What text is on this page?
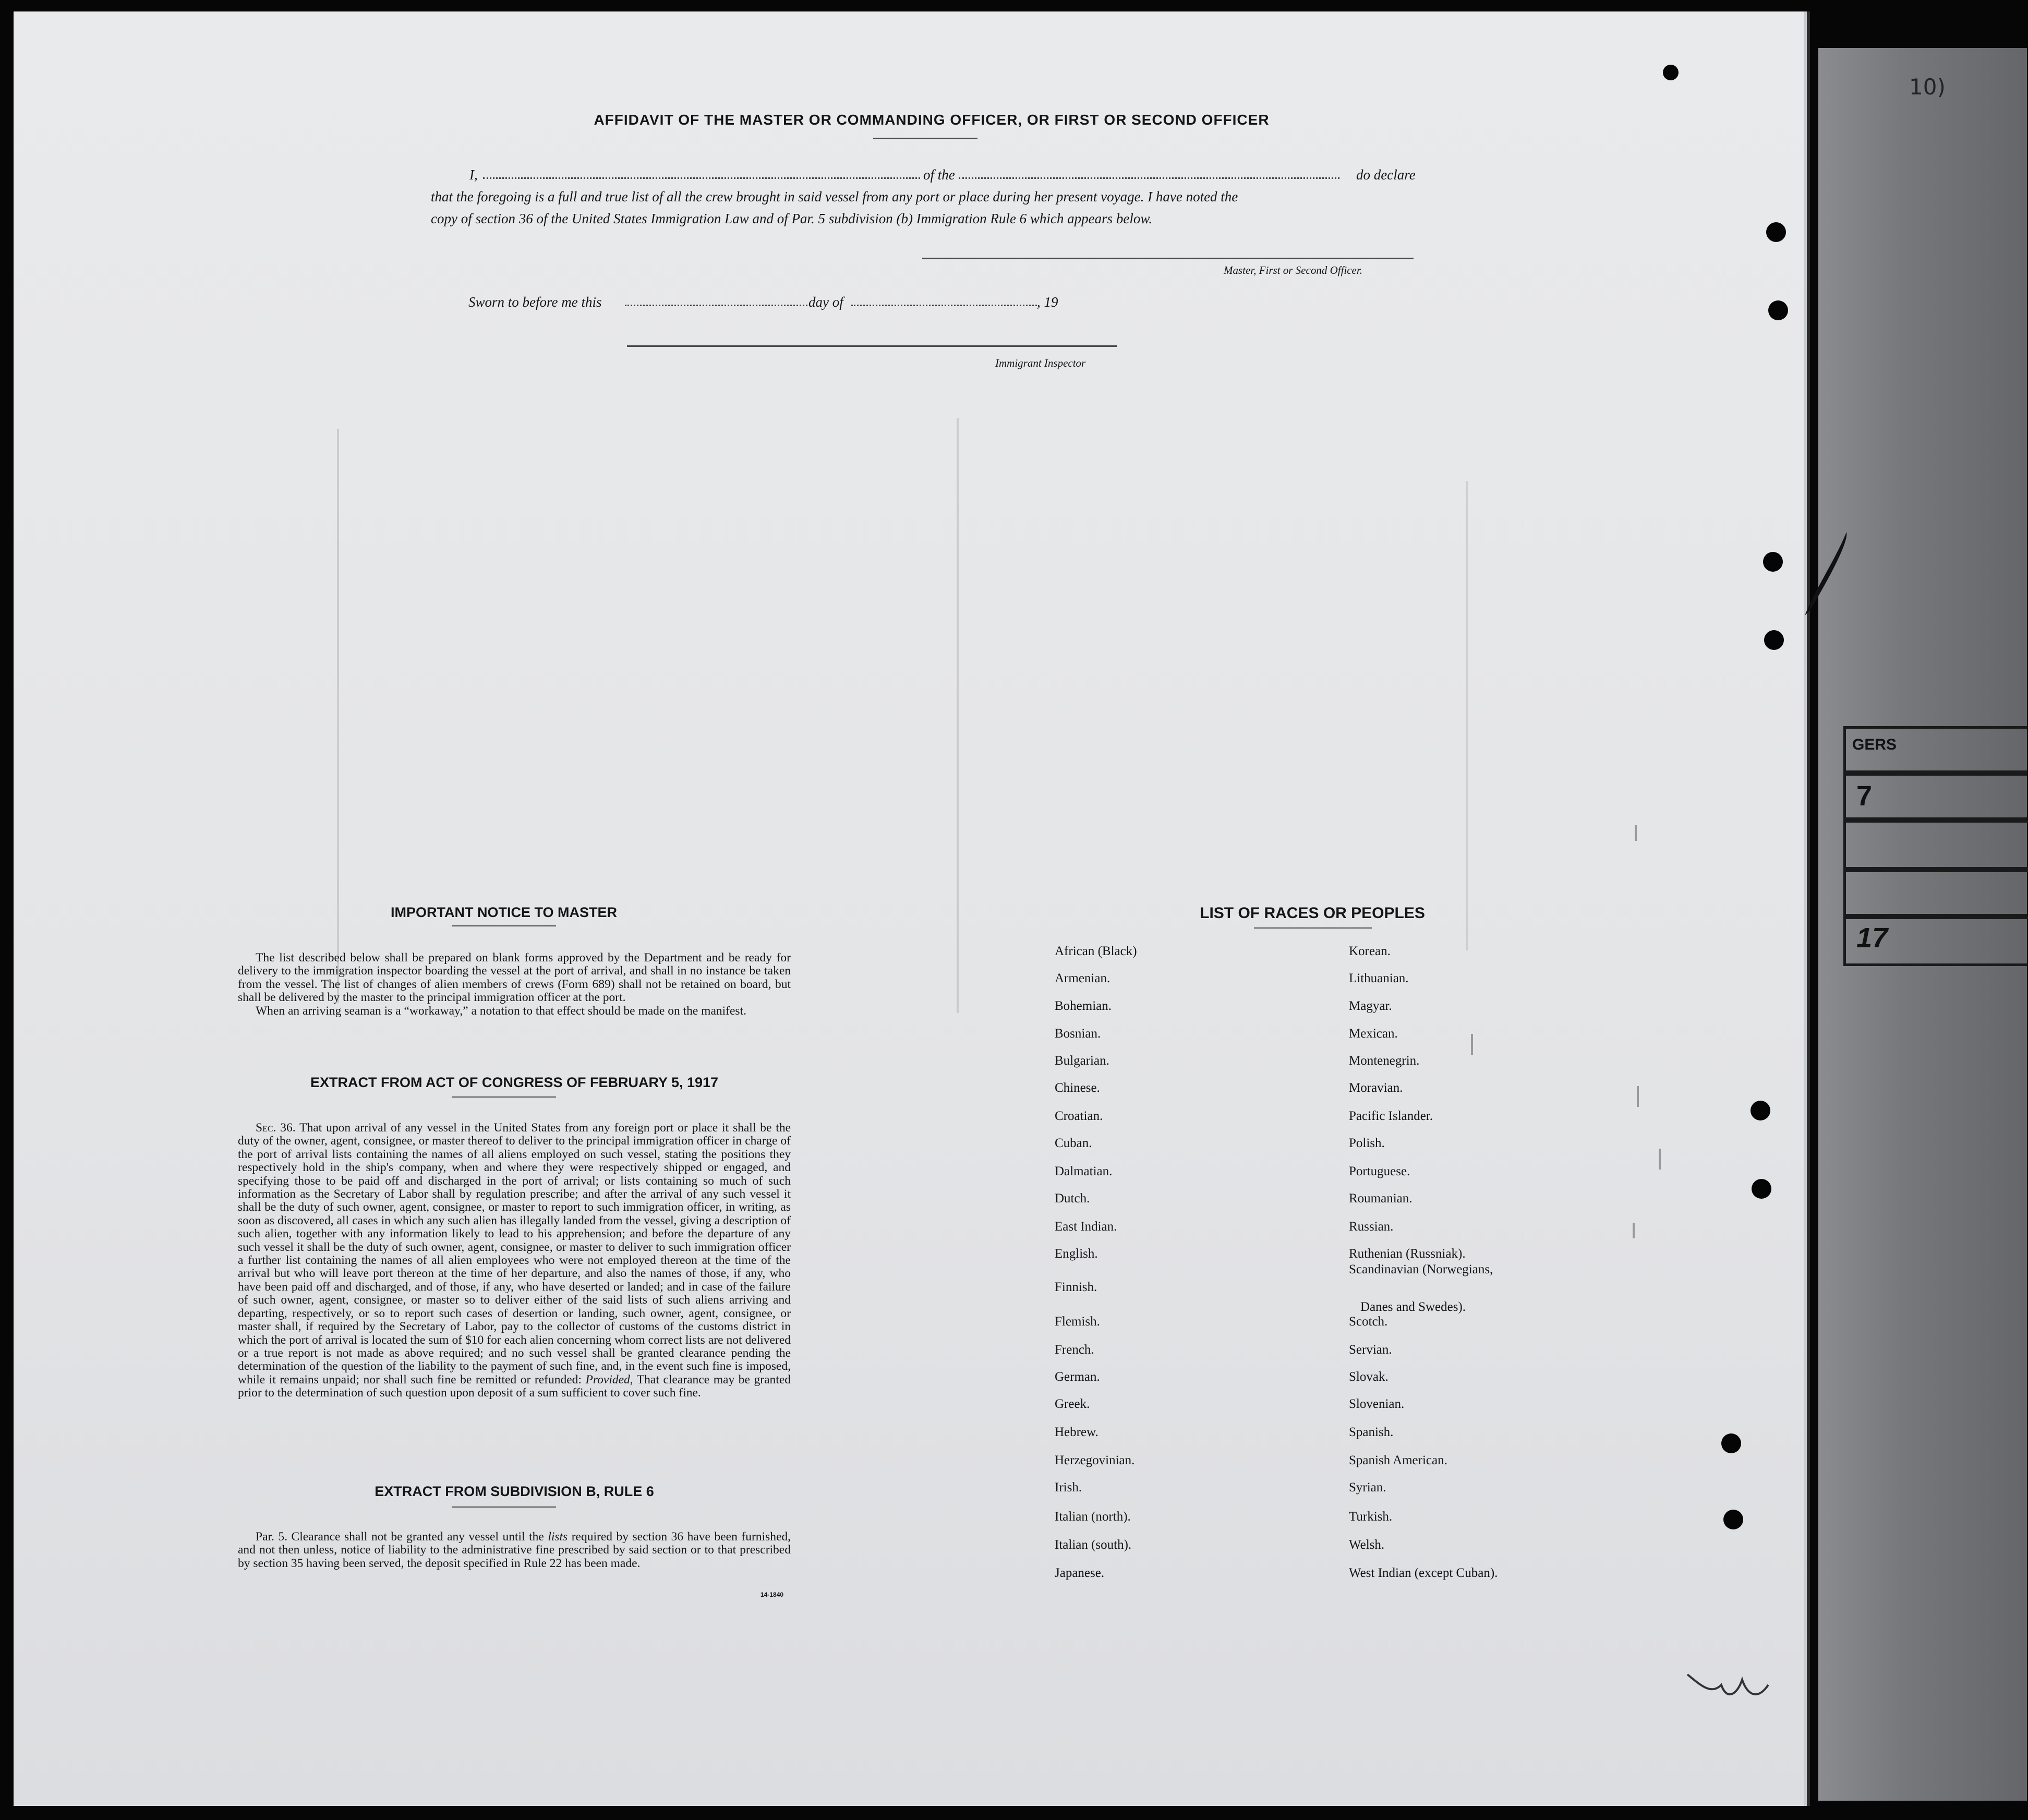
AFFIDAVIT OF THE MASTER OR COMMANDING OFFICER, OR FIRST OR SECOND OFFICER
I,	of the	do declare
that the foregoing is a full and true list of all the crew brought in said vessel from any port or place during her present voyage. I have noted the
copy of section 36 of the United States Immigration Law and of Par. 5 subdivision (b) Immigration Rule 6 which appears below.
Master, First or Second Officer.
Sworn to before me this	day of	, 19
Immigrant Inspector
IMPORTANT NOTICE TO MASTER

The list described below shall be prepared on blank forms approved by the Department and be ready for delivery to the immigration inspector boarding the vessel at the port of arrival, and shall in no instance be taken from the vessel. The list of changes of alien members of crews (Form 689) shall not be retained on board, but shall be delivered by the master to the principal immigration officer at the port.

When an arriving seaman is a “workaway,” a notation to that effect should be made on the manifest.

EXTRACT FROM ACT OF CONGRESS OF FEBRUARY 5, 1917

Sec. 36. That upon arrival of any vessel in the United States from any foreign port or place it shall be the duty of the owner, agent, consignee, or master thereof to deliver to the principal immigration officer in charge of the port of arrival lists containing the names of all aliens employed on such vessel, stating the positions they respectively hold in the ship's company, when and where they were respectively shipped or engaged, and specifying those to be paid off and discharged in the port of arrival; or lists containing so much of such information as the Secretary of Labor shall by regulation prescribe; and after the arrival of any such vessel it shall be the duty of such owner, agent, consignee, or master to report to such immigration officer, in writing, as soon as discovered, all cases in which any such alien has illegally landed from the vessel, giving a description of such alien, together with any information likely to lead to his apprehension; and before the departure of any such vessel it shall be the duty of such owner, agent, consignee, or master to deliver to such immigration officer a further list containing the names of all alien employees who were not employed thereon at the time of the arrival but who will leave port thereon at the time of her departure, and also the names of those, if any, who have been paid off and discharged, and of those, if any, who have deserted or landed; and in case of the failure of such owner, agent, consignee, or master so to deliver either of the said lists of such aliens arriving and departing, respectively, or so to report such cases of desertion or landing, such owner, agent, consignee, or master shall, if required by the Secretary of Labor, pay to the collector of customs of the customs district in which the port of arrival is located the sum of $10 for each alien concerning whom correct lists are not delivered or a true report is not made as above required; and no such vessel shall be granted clearance pending the determination of the question of the liability to the payment of such fine, and, in the event such fine is imposed, while it remains unpaid; nor shall such fine be remitted or refunded: Provided, That clearance may be granted prior to the determination of such question upon deposit of a sum sufficient to cover such fine.

EXTRACT FROM SUBDIVISION B, RULE 6

Par. 5. Clearance shall not be granted any vessel until the lists required by section 36 have been furnished, and not then unless, notice of liability to the administrative fine prescribed by said section or to that prescribed by section 35 having been served, the deposit specified in Rule 22 has been made.

14-1840
LIST OF RACES OR PEOPLES
African (Black)
Armenian.
Bohemian.
Bosnian.
Bulgarian.
Chinese.
Croatian.
Cuban.
Dalmatian.
Dutch.
East Indian.
English.
Finnish.
Flemish.
French.
German.
Greek.
Hebrew.
Herzegovinian.
Irish.
Italian (north).
Italian (south).
Japanese.
Korean.
Lithuanian.
Magyar.
Mexican.
Montenegrin.
Moravian.
Pacific Islander.
Polish.
Portuguese.
Roumanian.
Russian.
Ruthenian (Russniak).
Scandinavian (Norwegians,
Scotch.
Servian.
Slovak.
Slovenian.
Spanish.
Spanish American.
Syrian.
Turkish.
Welsh.
West Indian (except Cuban).
Danes and Swedes).
GERS
7
17
10)
